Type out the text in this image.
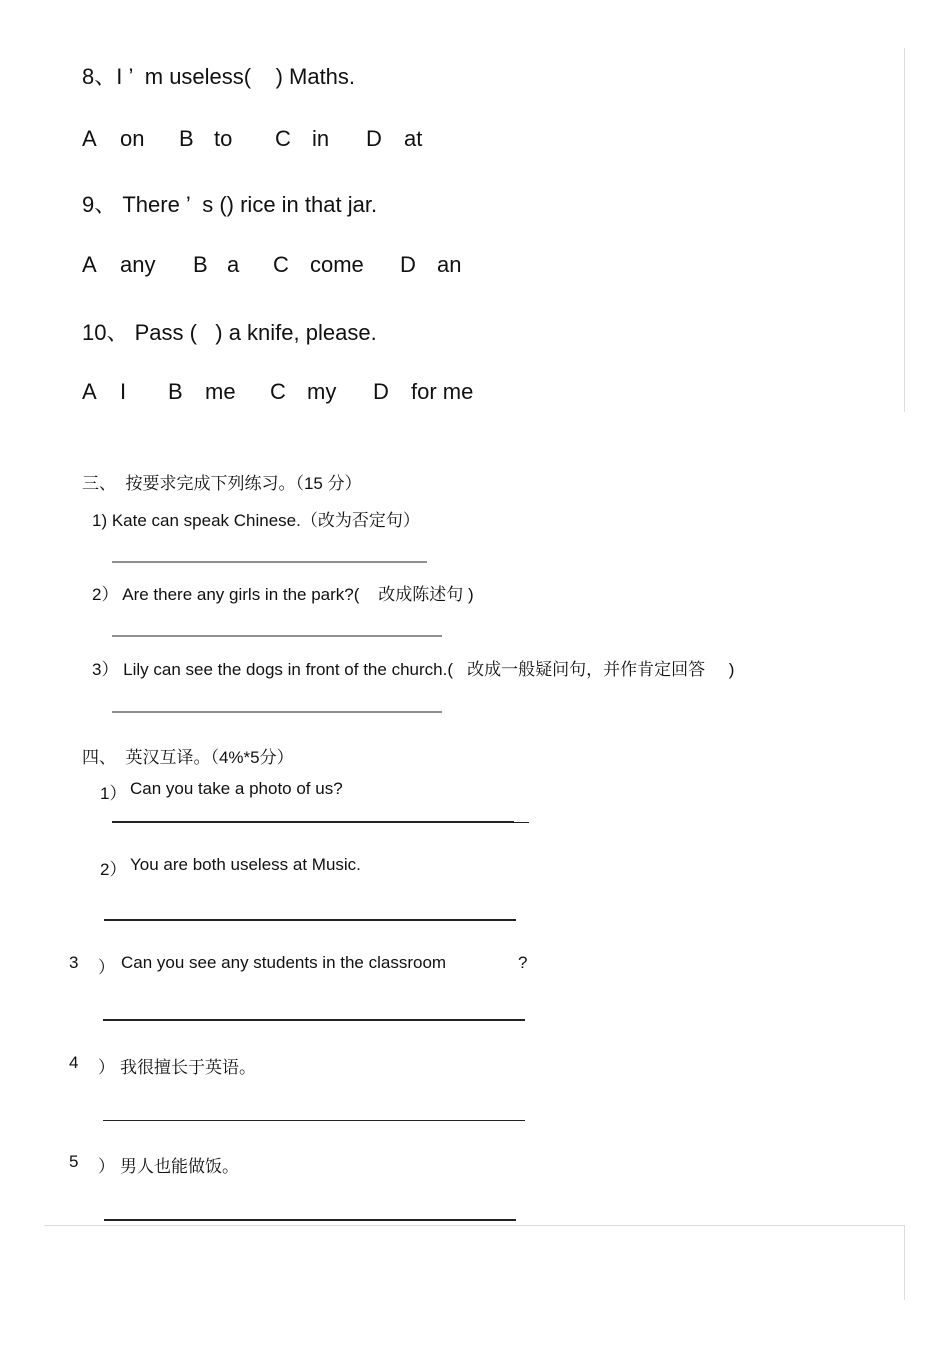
8、I ’  m useless(    ) Maths.
A on B to C in D at
9、 There ’  s () rice in that jar.
A any B a C come D an
10、 Pass (   ) a knife, please.
A I B me C my D for me
三、  按要求完成下列练习。（15 分）
1) Kate can speak Chinese.（改为否定句）
—————————————————————
2） Are there any girls in the park?(    改成陈述句 )
——————————————————————
3） Lily can see the dogs in front of the church.(   改成一般疑问句，并作肯定回答     )
——————————————————————
四、  英汉互译。（4%*5分）
1） Can you take a photo of us?
2） You are both useless at Music.
3 ） Can you see any students in the classroom	?
4 ） 我很擅长于英语。
5 ） 男人也能做饭。
